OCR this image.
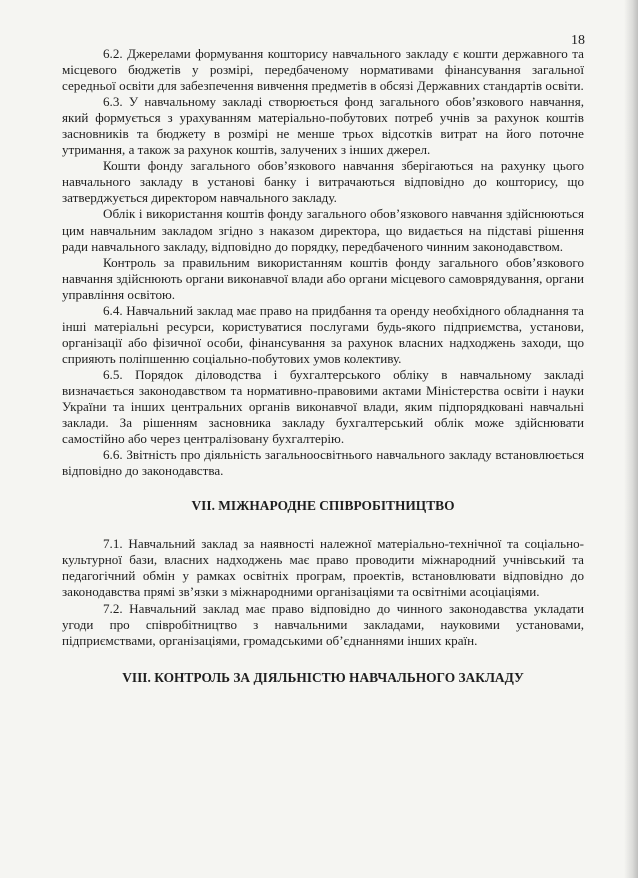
18

6.2. Джерелами формування кошторису навчального закладу є кошти державного та місцевого бюджетів у розмірі, передбаченому нормативами фінансування загальної середньої освіти для забезпечення вивчення предметів в обсязі Державних стандартів освіти.

6.3. У навчальному закладі створюється фонд загального обов’язкового навчання, який формується з урахуванням матеріально-побутових потреб учнів за рахунок коштів засновників та бюджету в розмірі не менше трьох відсотків витрат на його поточне утримання, а також за рахунок коштів, залучених з інших джерел.

Кошти фонду загального обов’язкового навчання зберігаються на рахунку цього навчального закладу в установі банку і витрачаються відповідно до кошторису, що затверджується директором навчального закладу.

Облік і використання коштів фонду загального обов’язкового навчання здійснюються цим навчальним закладом згідно з наказом директора, що видається на підставі рішення ради навчального закладу, відповідно до порядку, передбаченого чинним законодавством.

Контроль за правильним використанням коштів фонду загального обов’язкового навчання здійснюють органи виконавчої влади або органи місцевого самоврядування, органи управління освітою.

6.4. Навчальний заклад має право на придбання та оренду необхідного обладнання та інші матеріальні ресурси, користуватися послугами будь-якого підприємства, установи, організації або фізичної особи, фінансування за рахунок власних надходжень заходи, що сприяють поліпшенню соціально-побутових умов колективу.

6.5. Порядок діловодства і бухгалтерського обліку в навчальному закладі визначається законодавством та нормативно-правовими актами Міністерства освіти і науки України та інших центральних органів виконавчої влади, яким підпорядковані навчальні заклади. За рішенням засновника закладу бухгалтерський облік може здійснювати самостійно або через централізовану бухгалтерію.

6.6. Звітність про діяльність загальноосвітнього навчального закладу встановлюється відповідно до законодавства.

VII. МІЖНАРОДНЕ СПІВРОБІТНИЦТВО

7.1. Навчальний заклад за наявності належної матеріально-технічної та соціально-культурної бази, власних надходжень має право проводити міжнародний учнівський та педагогічний обмін у рамках освітніх програм, проектів, встановлювати відповідно до законодавства прямі зв’язки з міжнародними організаціями та освітніми асоціаціями.

7.2. Навчальний заклад має право відповідно до чинного законодавства укладати угоди про співробітництво з навчальними закладами, науковими установами, підприємствами, організаціями, громадськими об’єднаннями інших країн.

VIII. КОНТРОЛЬ ЗА ДІЯЛЬНІСТЮ НАВЧАЛЬНОГО ЗАКЛАДУ
